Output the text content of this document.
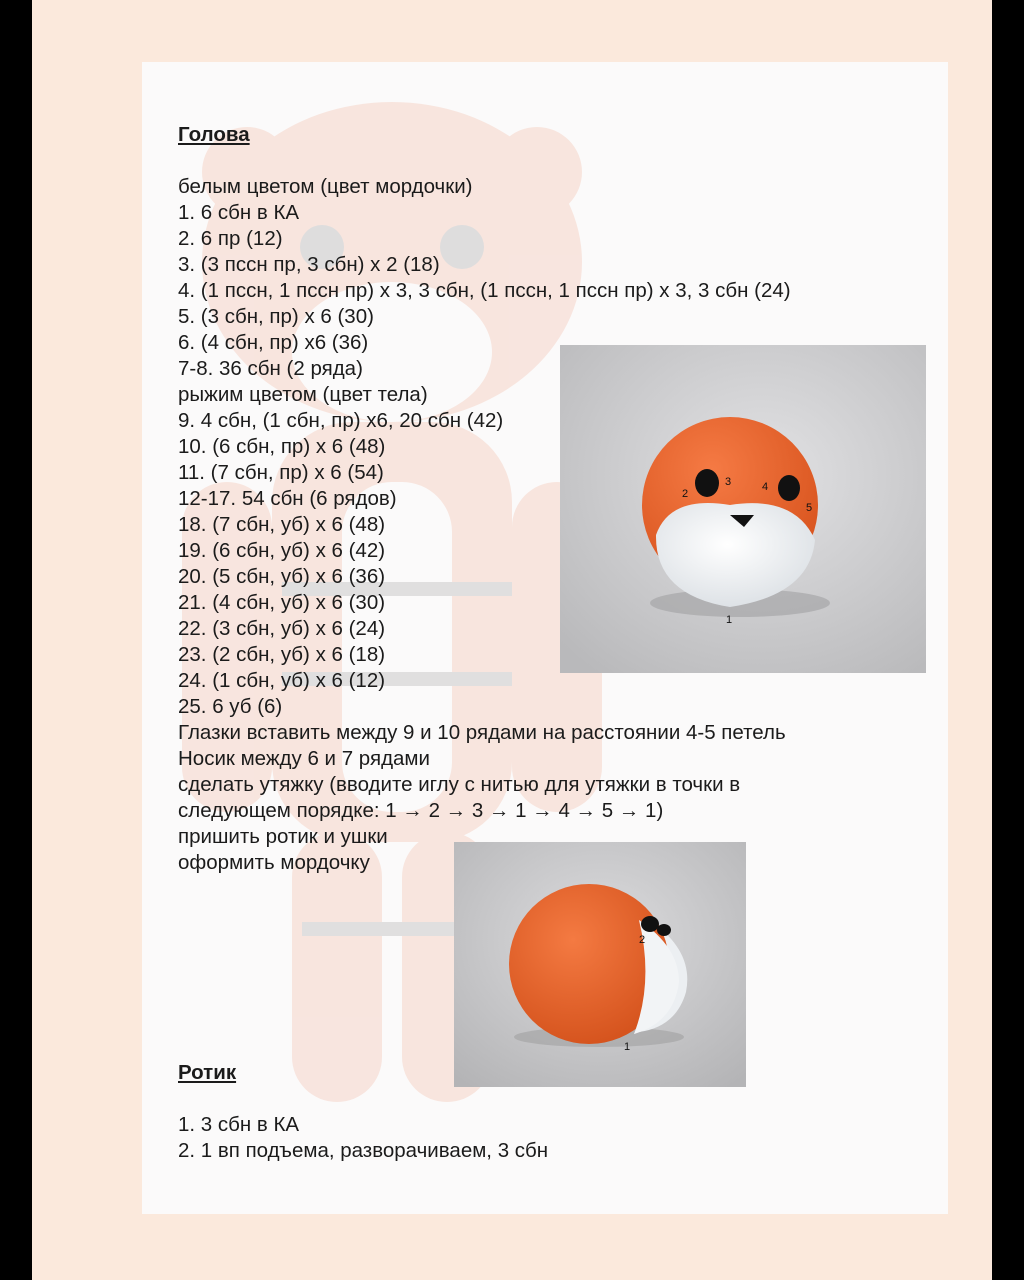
Голова
белым цветом (цвет мордочки)
1. 6 сбн в КА
2. 6 пр (12)
3. (3 пссн пр, 3 сбн) х 2 (18)
4. (1 пссн, 1 пссн пр) х 3, 3 сбн, (1 пссн, 1 пссн пр) х 3, 3 сбн (24)
5. (3 сбн, пр) х 6 (30)
6. (4 сбн, пр) х6 (36)
7-8. 36 сбн (2 ряда)
рыжим цветом (цвет тела)
9. 4 сбн, (1 сбн, пр) х6, 20 сбн (42)
10. (6 сбн, пр) х 6 (48)
11. (7 сбн, пр) х 6 (54)
12-17. 54 сбн (6 рядов)
18. (7 сбн, уб) х 6 (48)
19. (6 сбн, уб) х 6 (42)
20. (5 сбн, уб) х 6 (36)
21. (4 сбн, уб) х 6 (30)
22. (3 сбн, уб) х 6 (24)
23. (2 сбн, уб) х 6 (18)
24. (1 сбн, уб) х 6 (12)
25. 6 уб (6)
Глазки вставить между 9 и 10 рядами на расстоянии 4-5 петель
Носик между 6 и 7 рядами
сделать утяжку (вводите иглу с нитью для утяжки в точки в
следующем порядке: 1 → 2 → 3 → 1 → 4 → 5 → 1)
пришить ротик и ушки
оформить мордочку
Ротик
1. 3 сбн в КА
2. 1 вп подъема, разворачиваем, 3 сбн
2
3	4
5
1
2
1
